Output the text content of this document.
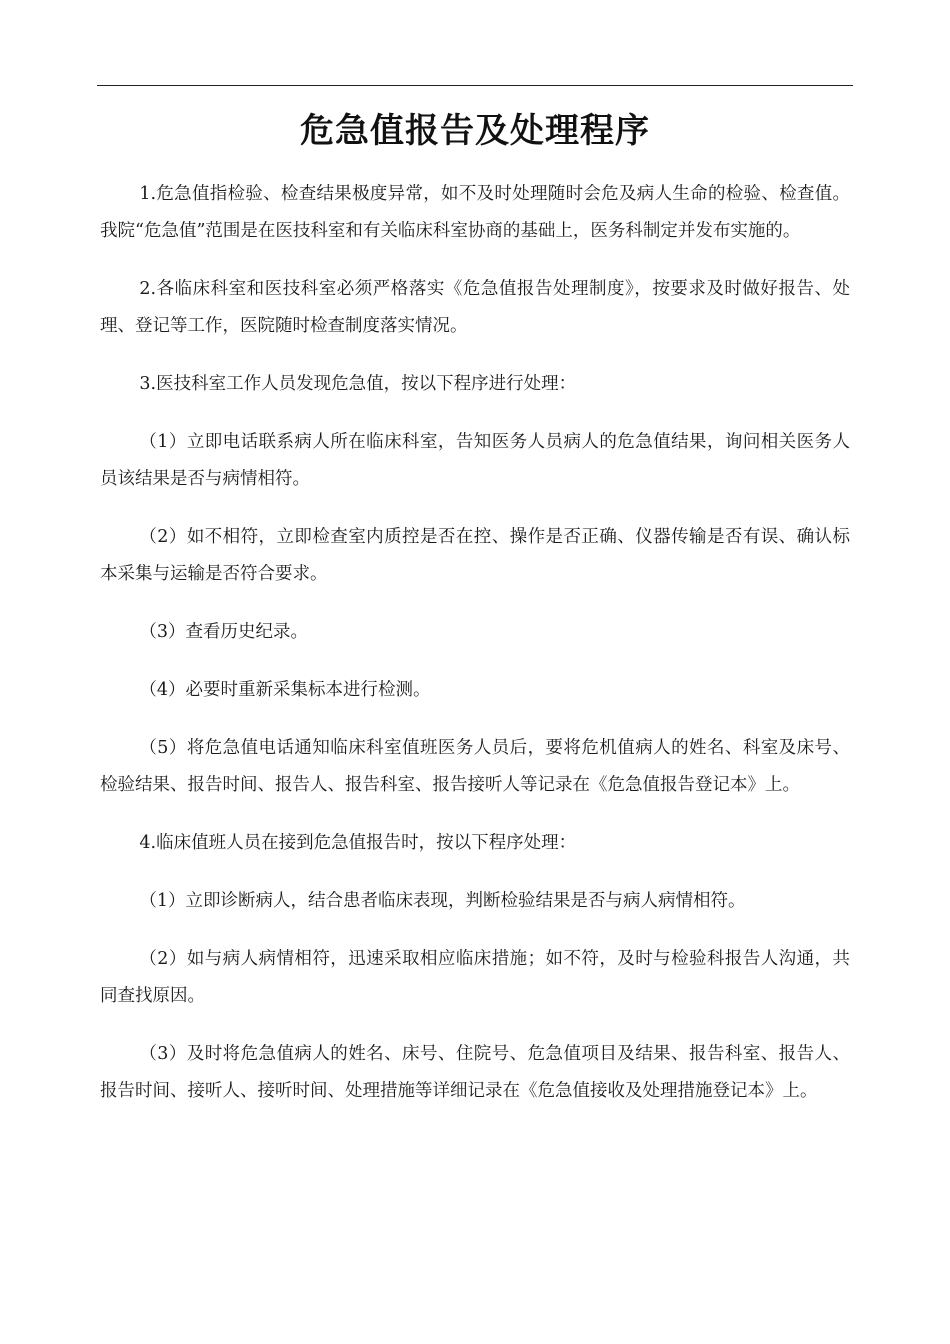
危急值报告及处理程序

1.危急值指检验、检查结果极度异常，如不及时处理随时会危及病人生命的检验、检查值。我院“危急值”范围是在医技科室和有关临床科室协商的基础上，医务科制定并发布实施的。

2.各临床科室和医技科室必须严格落实《危急值报告处理制度》，按要求及时做好报告、处理、登记等工作，医院随时检查制度落实情况。

3.医技科室工作人员发现危急值，按以下程序进行处理：

（1）立即电话联系病人所在临床科室，告知医务人员病人的危急值结果，询问相关医务人员该结果是否与病情相符。

（2）如不相符，立即检查室内质控是否在控、操作是否正确、仪器传输是否有误、确认标本采集与运输是否符合要求。

（3）查看历史纪录。

（4）必要时重新采集标本进行检测。

（5）将危急值电话通知临床科室值班医务人员后，要将危机值病人的姓名、科室及床号、检验结果、报告时间、报告人、报告科室、报告接听人等记录在《危急值报告登记本》上。

4.临床值班人员在接到危急值报告时，按以下程序处理：

（1）立即诊断病人，结合患者临床表现，判断检验结果是否与病人病情相符。

（2）如与病人病情相符，迅速采取相应临床措施；如不符，及时与检验科报告人沟通，共同查找原因。

（3）及时将危急值病人的姓名、床号、住院号、危急值项目及结果、报告科室、报告人、报告时间、接听人、接听时间、处理措施等详细记录在《危急值接收及处理措施登记本》上。
